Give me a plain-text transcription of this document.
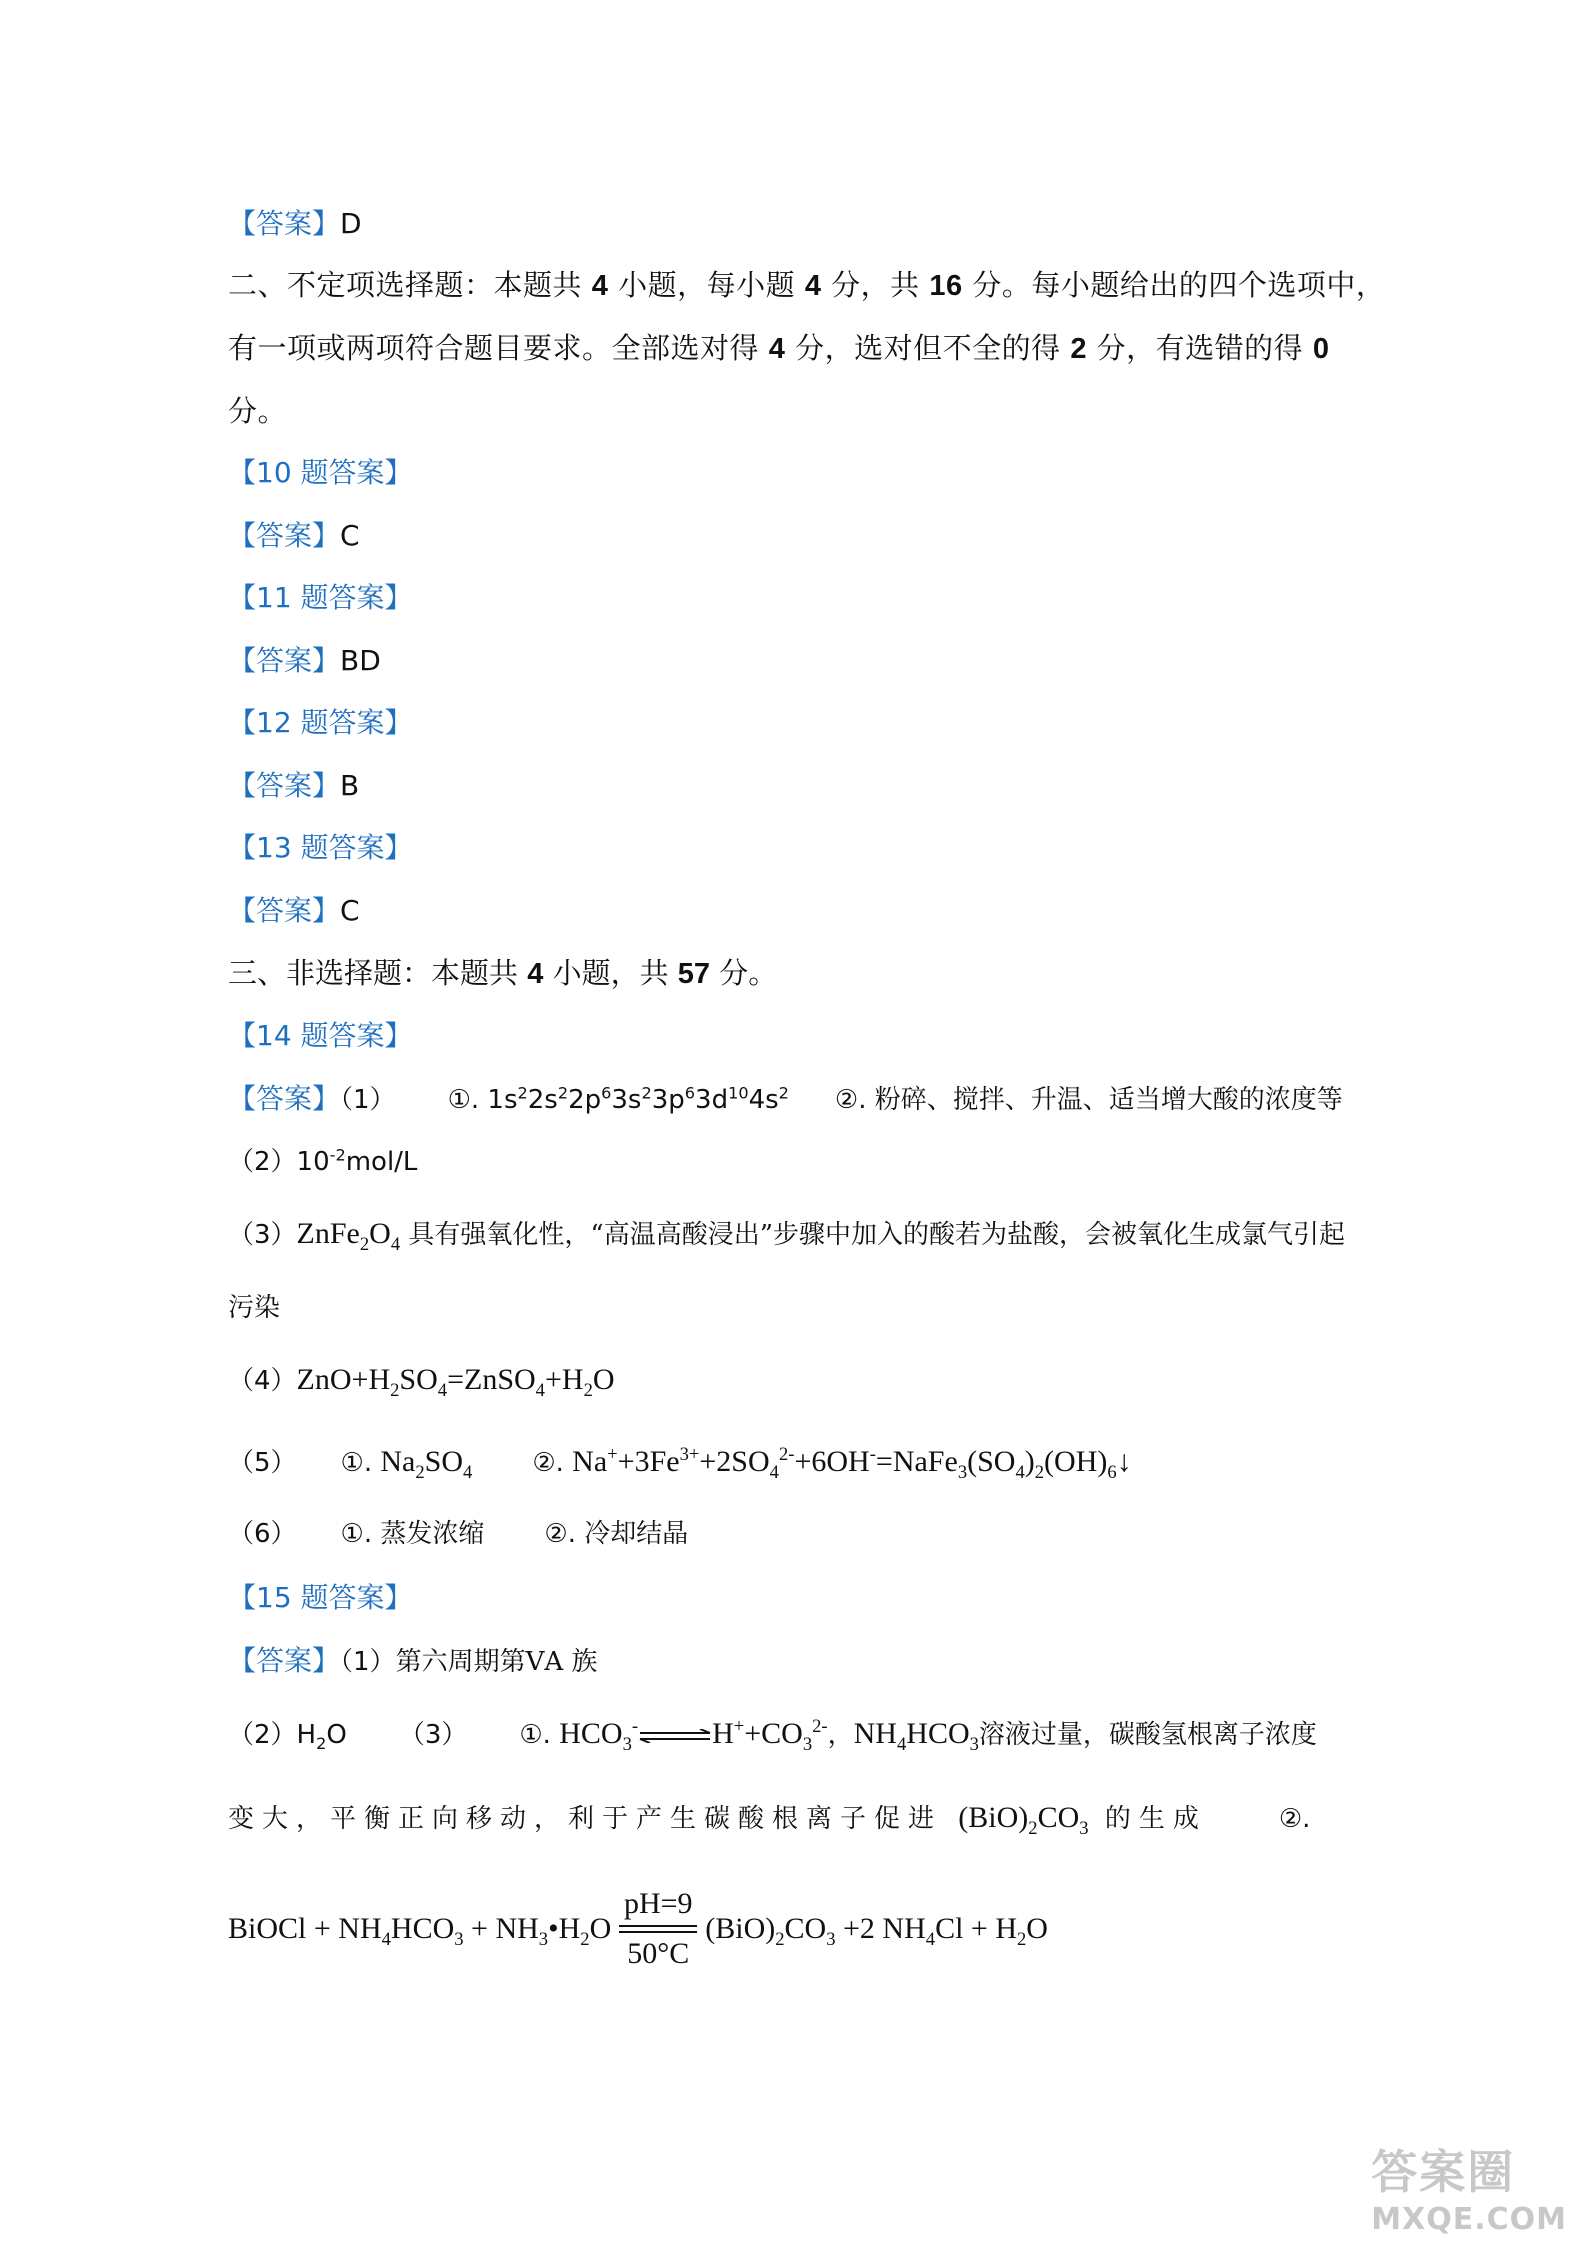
【答案】D
二、不定项选择题：本题共 4 小题，每小题 4 分，共 16 分。每小题给出的四个选项中，有一项或两项符合题目要求。全部选对得 4 分，选对但不全的得 2 分，有选错的得 0 分。
【10 题答案】
【答案】C
【11 题答案】
【答案】BD
【12 题答案】
【答案】B
【13 题答案】
【答案】C
三、非选择题：本题共 4 小题，共 57 分。
【14 题答案】
【答案】（1） ①. $1s^22s^22p^63s^23p^63d^{10}4s^2$ ②. 粉碎、搅拌、升温、适当增大酸的浓度等
$(2)10^{-2}mol/L$
$(3)ZnFe_2O_4$ 具有强氧化性，“高温高酸浸出”步骤中加入的酸若为盐酸，会被氧化生成氯气引起
污染
$(4)ZnO+H_2SO_4=ZnSO_4+H_2O$
（5） ①. $Na_2SO_4$ ②. $Na^++3Fe^{3+}+2SO_4^{2-}+6OH^-=NaFe_3(SO_4)_2(OH)_6↓$
（6） ①. 蒸发浓缩 ②. 冷却结晶
【15 题答案】
【答案】（1）第六周期第ⅤA 族
$(2)H_2O$ （3） ①. $HCO_3^-\rightleftharpoons H^++CO_3^{2-}$，$NH_4HCO_3$溶液过量，碳酸氢根离子浓度
变大，平衡正向移动，利于产生碳酸根离子促进 $(BiO)_2CO_3$ 的生成	②.
BiOCl + $NH_4HCO_3$ + $NH_3•H_2O$
pH=9
50°C
$(BiO)_2CO_3 +2$ $NH_4Cl + H_2O$
答案圈
MXQE.COM
